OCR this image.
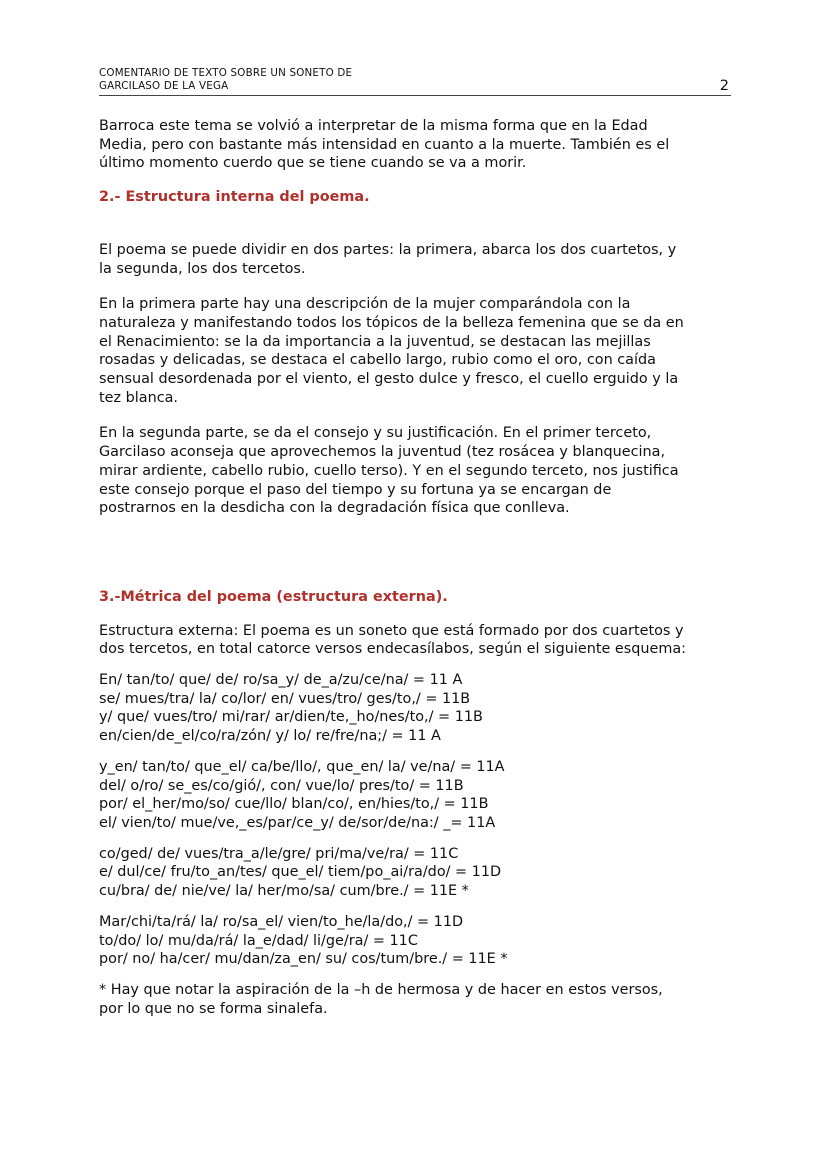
COMENTARIO DE TEXTO SOBRE UN SONETO DE
GARCILASO DE LA VEGA	2
Barroca este tema se volvió a interpretar de la misma forma que en la Edad
Media, pero con bastante más intensidad en cuanto a la muerte. También es el
último momento cuerdo que se tiene cuando se va a morir.
2.- Estructura interna del poema.
El poema se puede dividir en dos partes: la primera, abarca los dos cuartetos, y
la segunda, los dos tercetos.
En la primera parte hay una descripción de la mujer comparándola con la
naturaleza y manifestando todos los tópicos de la belleza femenina que se da en
el Renacimiento: se la da importancia a la juventud, se destacan las mejillas
rosadas y delicadas, se destaca el cabello largo, rubio como el oro, con caída
sensual desordenada por el viento, el gesto dulce y fresco, el cuello erguido y la
tez blanca.
En la segunda parte, se da el consejo y su justificación. En el primer terceto,
Garcilaso aconseja que aprovechemos la juventud (tez rosácea y blanquecina,
mirar ardiente, cabello rubio, cuello terso). Y en el segundo terceto, nos justifica
este consejo porque el paso del tiempo y su fortuna ya se encargan de
postrarnos en la desdicha con la degradación física que conlleva.
3.-Métrica del poema (estructura externa).
Estructura externa: El poema es un soneto que está formado por dos cuartetos y
dos tercetos, en total catorce versos endecasílabos, según el siguiente esquema:
En/ tan/to/ que/ de/ ro/sa_y/ de_a/zu/ce/na/ = 11 A
se/ mues/tra/ la/ co/lor/ en/ vues/tro/ ges/to,/ = 11B
y/ que/ vues/tro/ mi/rar/ ar/dien/te,_ho/nes/to,/ = 11B
en/cien/de_el/co/ra/zón/ y/ lo/ re/fre/na;/ = 11 A
y_en/ tan/to/ que_el/ ca/be/llo/, que_en/ la/ ve/na/ = 11A
del/ o/ro/ se_es/co/gió/, con/ vue/lo/ pres/to/ = 11B
por/ el_her/mo/so/ cue/llo/ blan/co/, en/hies/to,/ = 11B
el/ vien/to/ mue/ve,_es/par/ce_y/ de/sor/de/na:/ _= 11A
co/ged/ de/ vues/tra_a/le/gre/ pri/ma/ve/ra/ = 11C
e/ dul/ce/ fru/to_an/tes/ que_el/ tiem/po_ai/ra/do/ = 11D
cu/bra/ de/ nie/ve/ la/ her/mo/sa/ cum/bre./ = 11E *
Mar/chi/ta/rá/ la/ ro/sa_el/ vien/to_he/la/do,/ = 11D
to/do/ lo/ mu/da/rá/ la_e/dad/ li/ge/ra/ = 11C
por/ no/ ha/cer/ mu/dan/za_en/ su/ cos/tum/bre./ = 11E *
* Hay que notar la aspiración de la –h de hermosa y de hacer en estos versos,
por lo que no se forma sinalefa.
